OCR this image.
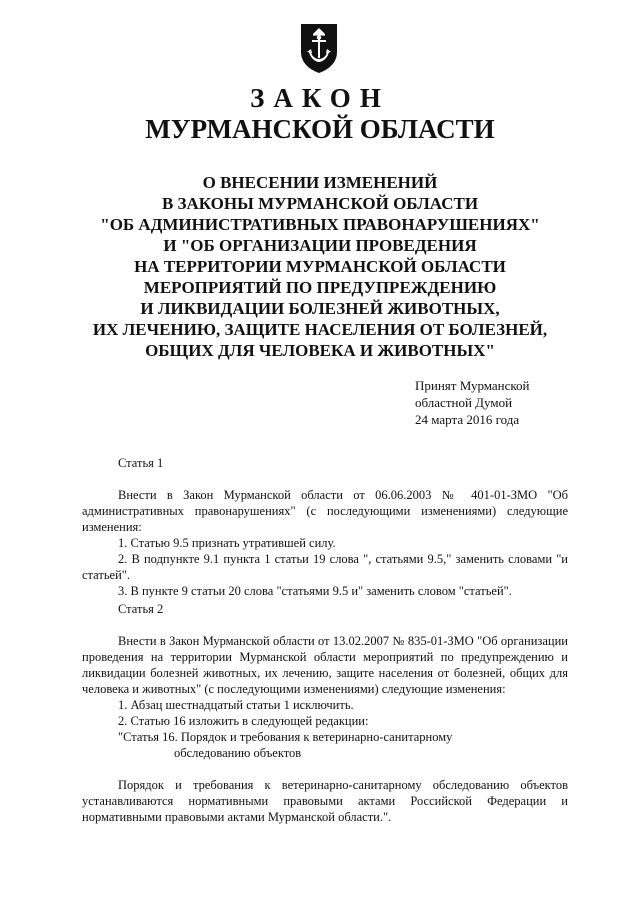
ЗАКОН
МУРМАНСКОЙ ОБЛАСТИ
О ВНЕСЕНИИ ИЗМЕНЕНИЙ
В ЗАКОНЫ МУРМАНСКОЙ ОБЛАСТИ
"ОБ АДМИНИСТРАТИВНЫХ ПРАВОНАРУШЕНИЯХ"
И "ОБ ОРГАНИЗАЦИИ ПРОВЕДЕНИЯ
НА ТЕРРИТОРИИ МУРМАНСКОЙ ОБЛАСТИ
МЕРОПРИЯТИЙ ПО ПРЕДУПРЕЖДЕНИЮ
И ЛИКВИДАЦИИ БОЛЕЗНЕЙ ЖИВОТНЫХ,
ИХ ЛЕЧЕНИЮ, ЗАЩИТЕ НАСЕЛЕНИЯ ОТ БОЛЕЗНЕЙ,
ОБЩИХ ДЛЯ ЧЕЛОВЕКА И ЖИВОТНЫХ"
Принят Мурманской
областной Думой
24 марта 2016 года
Статья 1

Внести в Закон Мурманской области от 06.06.2003 № 401-01-ЗМО "Об административных правонарушениях" (с последующими изменениями) следующие изменения:

1. Статью 9.5 признать утратившей силу.

2. В подпункте 9.1 пункта 1 статьи 19 слова ", статьями 9.5," заменить словами "и статьей".

3. В пункте 9 статьи 20 слова "статьями 9.5 и" заменить словом "статьей".

Статья 2

Внести в Закон Мурманской области от 13.02.2007 № 835-01-ЗМО "Об организации проведения на территории Мурманской области мероприятий по предупреждению и ликвидации болезней животных, их лечению, защите населения от болезней, общих для человека и животных" (с последующими изменениями) следующие изменения:

1. Абзац шестнадцатый статьи 1 исключить.

2. Статью 16 изложить в следующей редакции:

"Статья 16. Порядок и требования к ветеринарно-санитарному
обследованию объектов

Порядок и требования к ветеринарно-санитарному обследованию объектов устанавливаются нормативными правовыми актами Российской Федерации и нормативными правовыми актами Мурманской области.".
